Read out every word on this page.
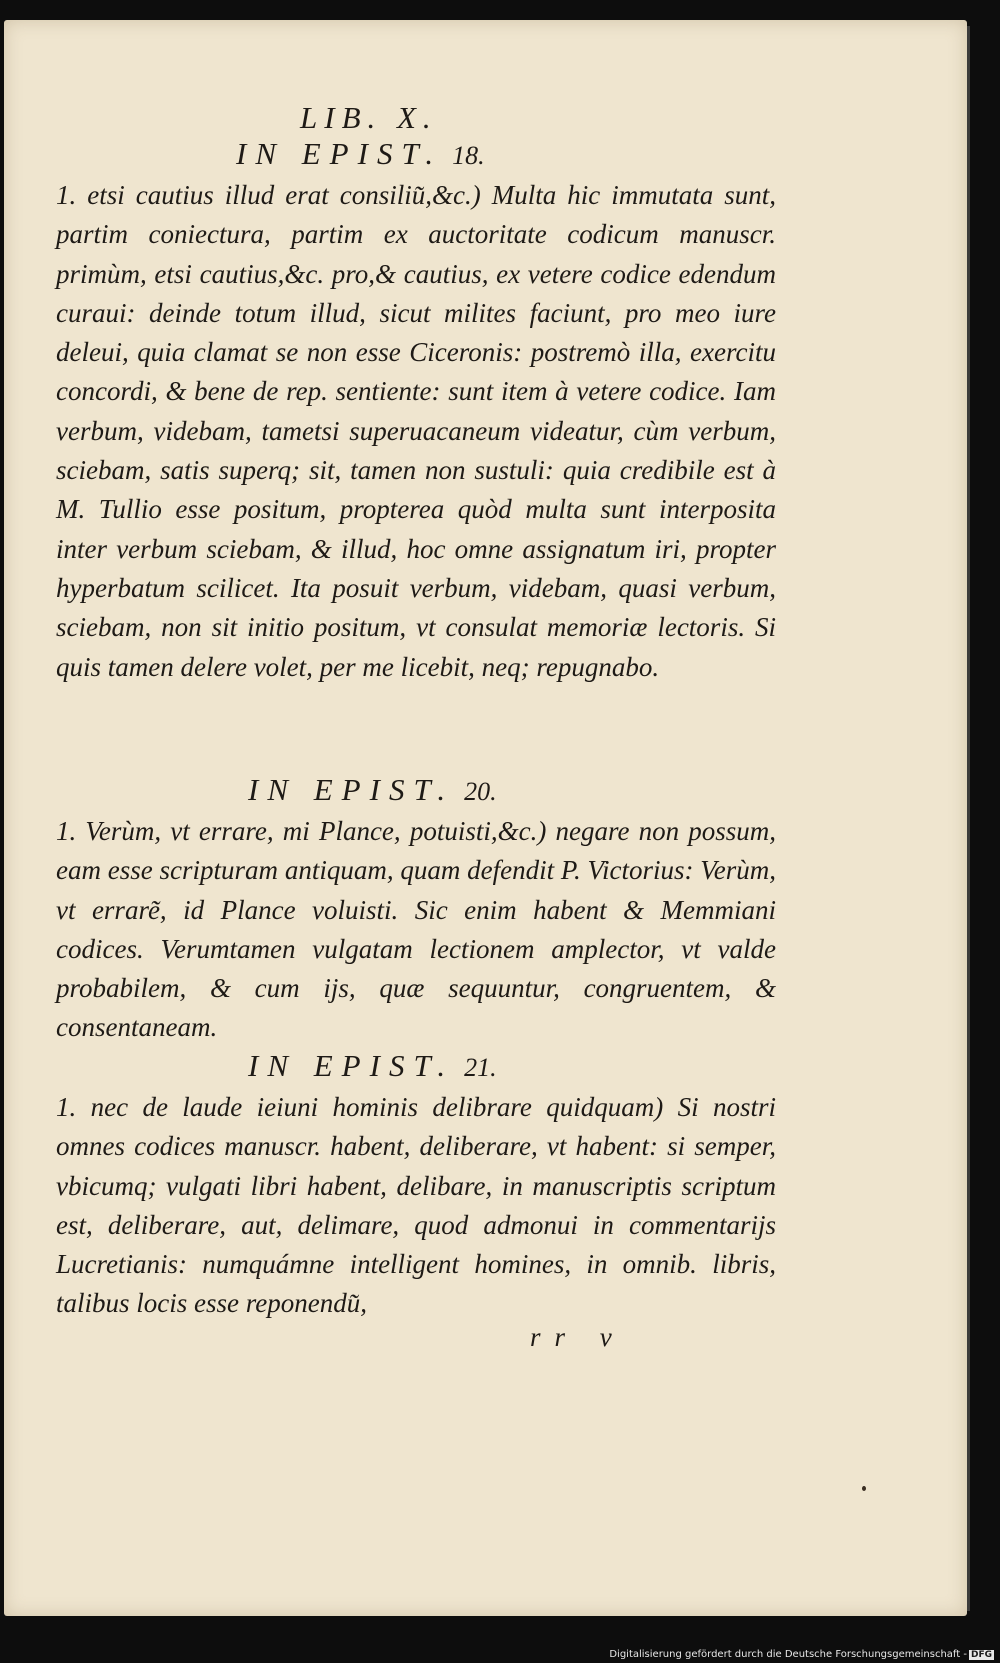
LIB. X.
IN EPIST. 18.
1. etsi cautius illud erat consiliu͂,&c.) Multa hic immutata sunt, partim coniectura, partim ex auctoritate codicum manuscr. primùm, etsi cautius,&c. pro,& cautius, ex vetere codice edendum curaui: deinde totum illud, sicut milites faciunt, pro meo iure deleui, quia clamat se non esse Ciceronis: postremò illa, exercitu concordi, & bene de rep. sentiente: sunt item à vetere codice. Iam verbum, videbam, tametsi superuacaneum videatur, cùm verbum, sciebam, satis superq; sit, tamen non sustuli: quia credibile est à M. Tullio esse positum, propterea quòd multa sunt interposita inter verbum sciebam, & illud, hoc omne assignatum iri, propter hyperbatum scilicet. Ita posuit verbum, videbam, quasi verbum, sciebam, non sit initio positum, vt consulat memoriæ lectoris. Si quis tamen delere volet, per me licebit, neq; repugnabo.
IN EPIST. 20.
1. Verùm, vt errare, mi Plance, potuisti,&c.) negare non possum, eam esse scripturam antiquam, quam defendit P. Victorius: Verùm, vt errare͂, id Plance voluisti. Sic enim habent & Memmiani codices. Verumtamen vulgatam lectionem amplector, vt valde probabilem, & cum ijs, quæ sequuntur, congruentem, & consentaneam.
IN EPIST. 21.
1. nec de laude ieiuni hominis delibrare quidquam) Si nostri omnes codices manuscr. habent, deliberare, vt habent: si semper, vbicumq; vulgati libri habent, delibare, in manuscriptis scriptum est, deliberare, aut, delimare, quod admonui in commentarijs Lucretianis: numquámne intelligent homines, in omnib. libris, talibus locis esse reponendu͂,
rr v
Digitalisierung gefördert durch die Deutsche Forschungsgemeinschaft - DFG
